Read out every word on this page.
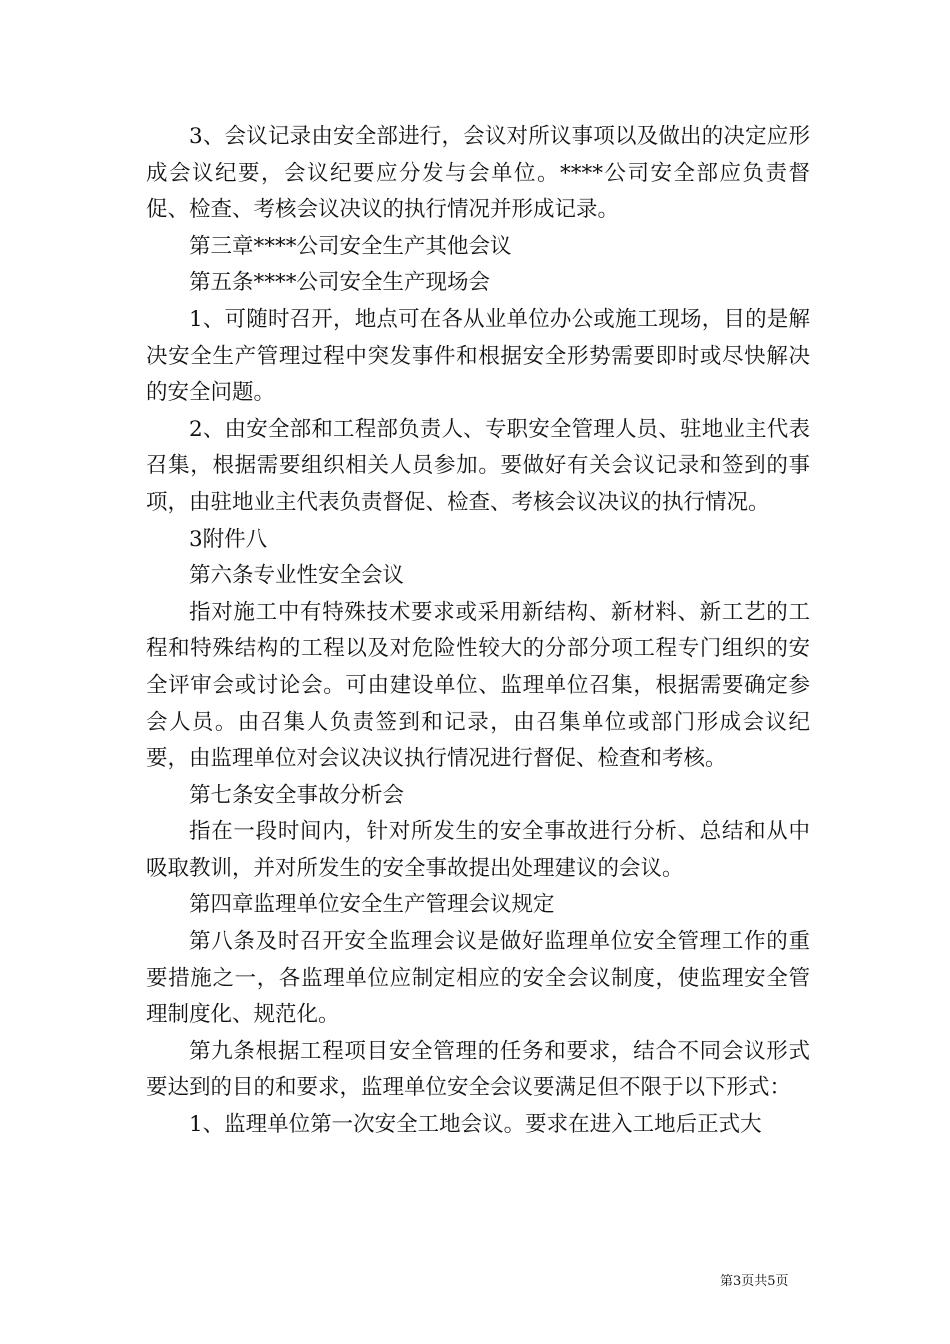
3、会议记录由安全部进行，会议对所议事项以及做出的决定应形成会议纪要，会议纪要应分发与会单位。****公司安全部应负责督促、检查、考核会议决议的执行情况并形成记录。

第三章****公司安全生产其他会议

第五条****公司安全生产现场会

1、可随时召开，地点可在各从业单位办公或施工现场，目的是解决安全生产管理过程中突发事件和根据安全形势需要即时或尽快解决的安全问题。

2、由安全部和工程部负责人、专职安全管理人员、驻地业主代表召集，根据需要组织相关人员参加。要做好有关会议记录和签到的事项，由驻地业主代表负责督促、检查、考核会议决议的执行情况。

3附件八

第六条专业性安全会议

指对施工中有特殊技术要求或采用新结构、新材料、新工艺的工程和特殊结构的工程以及对危险性较大的分部分项工程专门组织的安全评审会或讨论会。可由建设单位、监理单位召集，根据需要确定参会人员。由召集人负责签到和记录，由召集单位或部门形成会议纪要，由监理单位对会议决议执行情况进行督促、检查和考核。

第七条安全事故分析会

指在一段时间内，针对所发生的安全事故进行分析、总结和从中吸取教训，并对所发生的安全事故提出处理建议的会议。

第四章监理单位安全生产管理会议规定

第八条及时召开安全监理会议是做好监理单位安全管理工作的重要措施之一，各监理单位应制定相应的安全会议制度，使监理安全管理制度化、规范化。

第九条根据工程项目安全管理的任务和要求，结合不同会议形式要达到的目的和要求，监理单位安全会议要满足但不限于以下形式：

1、监理单位第一次安全工地会议。要求在进入工地后正式大

第3页共5页
